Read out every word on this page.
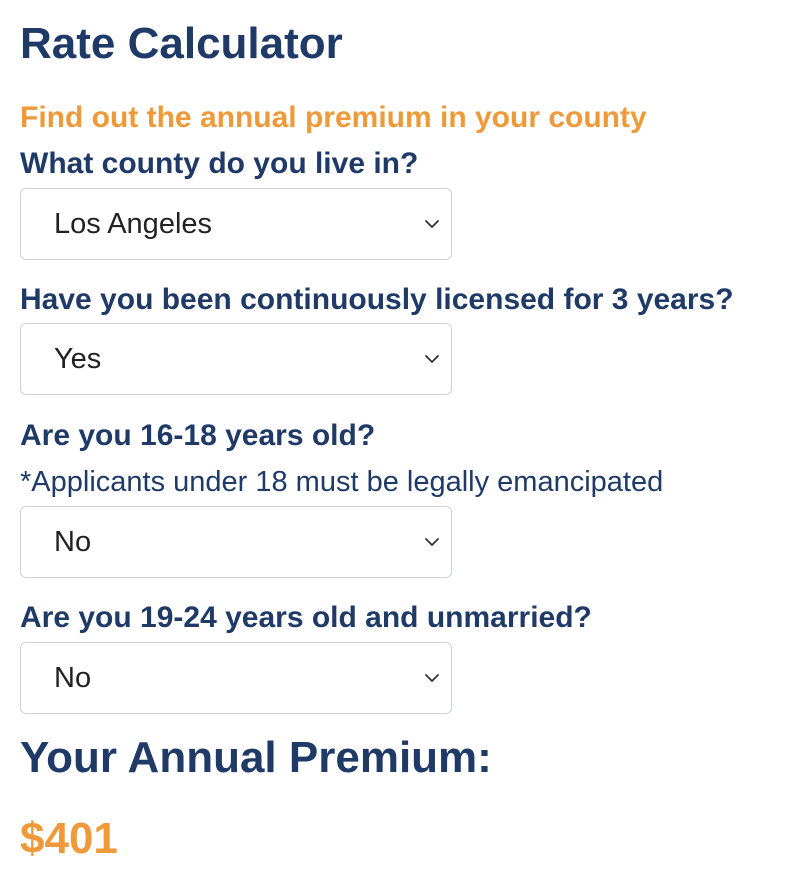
Rate Calculator
Find out the annual premium in your county
What county do you live in?
Los Angeles
Have you been continuously licensed for 3 years?
Yes
Are you 16-18 years old?
*Applicants under 18 must be legally emancipated
No
Are you 19-24 years old and unmarried?
No
Your Annual Premium:
$401
